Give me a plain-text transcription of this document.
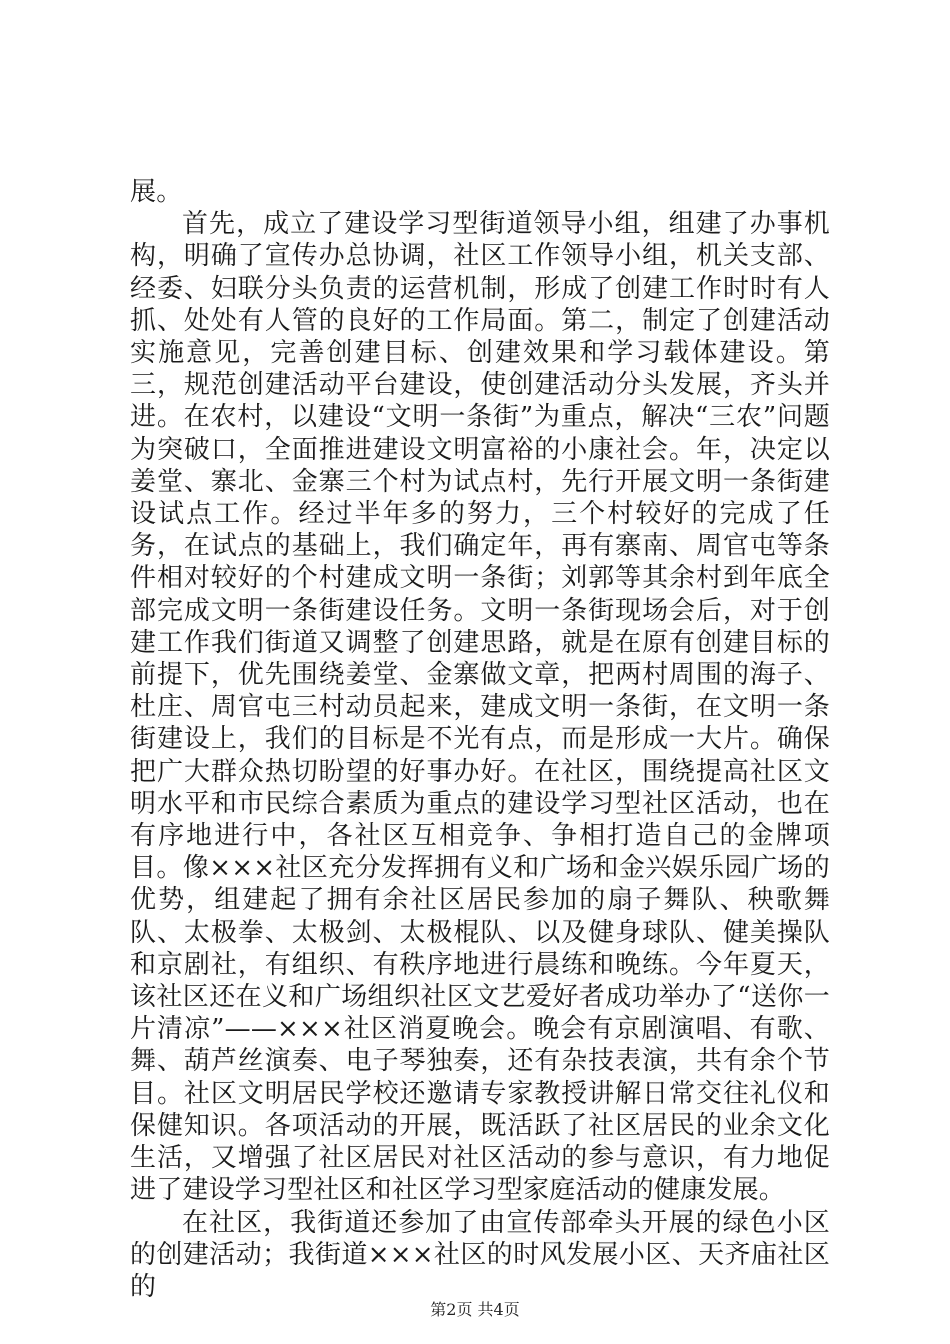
展。

首先，成立了建设学习型街道领导小组，组建了办事机构，明确了宣传办总协调，社区工作领导小组，机关支部、经委、妇联分头负责的运营机制，形成了创建工作时时有人抓、处处有人管的良好的工作局面。第二，制定了创建活动实施意见，完善创建目标、创建效果和学习载体建设。第三，规范创建活动平台建设，使创建活动分头发展，齐头并进。在农村，以建设“文明一条街”为重点，解决“三农”问题为突破口，全面推进建设文明富裕的小康社会。年，决定以姜堂、寨北、金寨三个村为试点村，先行开展文明一条街建设试点工作。经过半年多的努力，三个村较好的完成了任务，在试点的基础上，我们确定年，再有寨南、周官屯等条件相对较好的个村建成文明一条街；刘郭等其余村到年底全部完成文明一条街建设任务。文明一条街现场会后，对于创建工作我们街道又调整了创建思路，就是在原有创建目标的前提下，优先围绕姜堂、金寨做文章，把两村周围的海子、杜庄、周官屯三村动员起来，建成文明一条街，在文明一条街建设上，我们的目标是不光有点，而是形成一大片。确保把广大群众热切盼望的好事办好。在社区，围绕提高社区文明水平和市民综合素质为重点的建设学习型社区活动，也在有序地进行中，各社区互相竞争、争相打造自己的金牌项目。像×××社区充分发挥拥有义和广场和金兴娱乐园广场的优势，组建起了拥有余社区居民参加的扇子舞队、秧歌舞队、太极拳、太极剑、太极棍队、以及健身球队、健美操队和京剧社，有组织、有秩序地进行晨练和晚练。今年夏天，该社区还在义和广场组织社区文艺爱好者成功举办了“送你一片清凉”——×××社区消夏晚会。晚会有京剧演唱、有歌、舞、葫芦丝演奏、电子琴独奏，还有杂技表演，共有余个节目。社区文明居民学校还邀请专家教授讲解日常交往礼仪和保健知识。各项活动的开展，既活跃了社区居民的业余文化生活，又增强了社区居民对社区活动的参与意识，有力地促进了建设学习型社区和社区学习型家庭活动的健康发展。

在社区，我街道还参加了由宣传部牵头开展的绿色小区的创建活动；我街道×××社区的时风发展小区、天齐庙社区的

第2页 共4页
